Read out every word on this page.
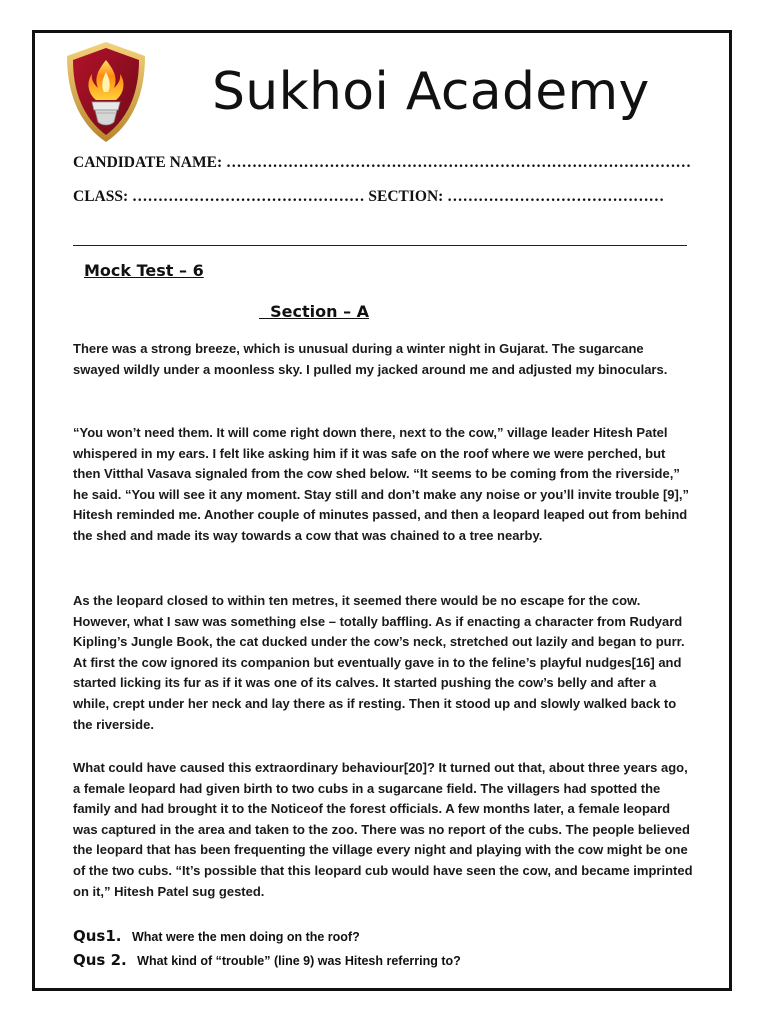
Sukhoi Academy
CANDIDATE NAME: ………………………………………………………………………………
CLASS: ……………………………………… SECTION: ……………………………………
Mock Test – 6
Section – A

There was a strong breeze, which is unusual during a winter night in Gujarat. The sugarcane swayed wildly under a moonless sky. I pulled my jacked around me and adjusted my binoculars.

“You won’t need them. It will come right down there, next to the cow,” village leader Hitesh Patel whispered in my ears. I felt like asking him if it was safe on the roof where we were perched, but then Vitthal Vasava signaled from the cow shed below. “It seems to be coming from the riverside,” he said. “You will see it any moment. Stay still and don’t make any noise or you’ll invite trouble [9],” Hitesh reminded me. Another couple of minutes passed, and then a leopard leaped out from behind the shed and made its way towards a cow that was chained to a tree nearby.

As the leopard closed to within ten metres, it seemed there would be no escape for the cow. However, what I saw was something else – totally baffling. As if enacting a character from Rudyard Kipling’s Jungle Book, the cat ducked under the cow’s neck, stretched out lazily and began to purr. At first the cow ignored its companion but eventually gave in to the feline’s playful nudges[16] and started licking its fur as if it was one of its calves. It started pushing the cow’s belly and after a while, crept under her neck and lay there as if resting. Then it stood up and slowly walked back to the riverside.

What could have caused this extraordinary behaviour[20]? It turned out that, about three years ago, a female leopard had given birth to two cubs in a sugarcane field. The villagers had spotted the family and had brought it to the Noticeof the forest officials. A few months later, a female leopard was captured in the area and taken to the zoo. There was no report of the cubs. The people believed the leopard that has been frequenting the village every night and playing with the cow might be one of the two cubs. “It’s possible that this leopard cub would have seen the cow, and became imprinted on it,” Hitesh Patel sug gested.

Qus1. What were the men doing on the roof?
Qus 2. What kind of “trouble” (line 9) was Hitesh referring to?
